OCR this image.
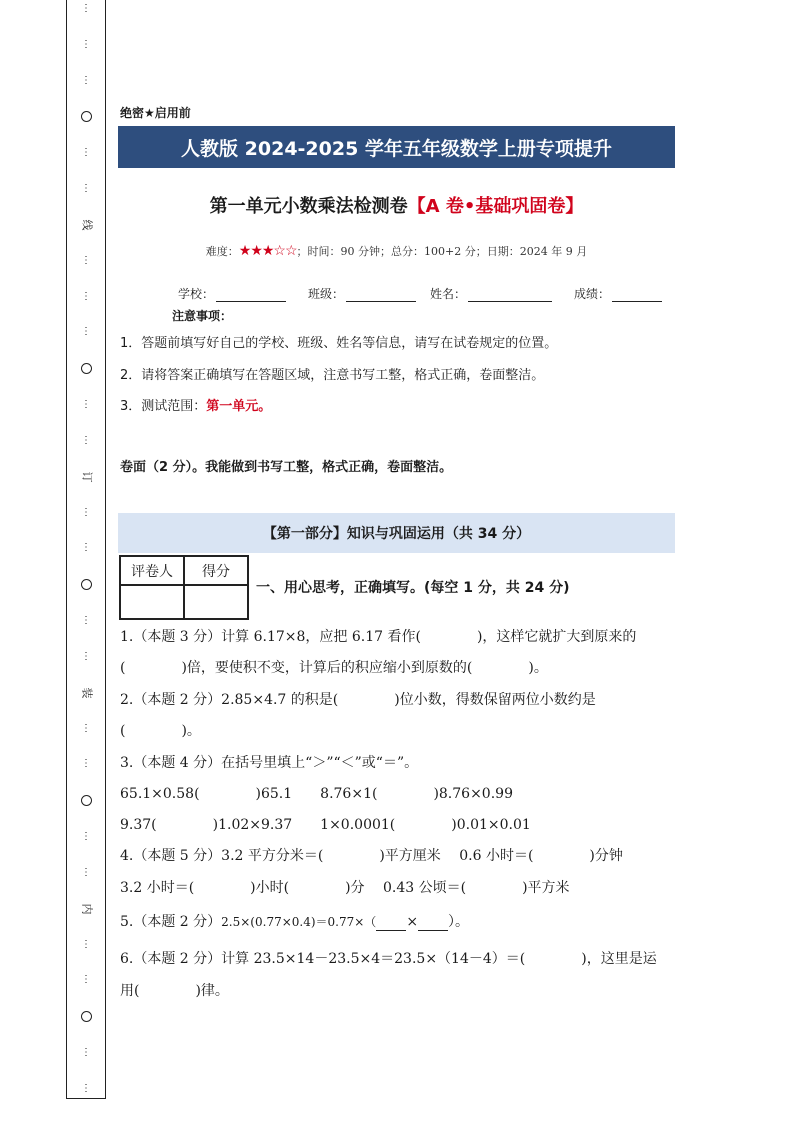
⋮
⋮
⋮
⋮
⋮
线
⋮
⋮
⋮
⋮
⋮
订
⋮
⋮
⋮
⋮
装
⋮
⋮
⋮
⋮
内
⋮
⋮
⋮
⋮
绝密★启用前
人教版 2024-2025 学年五年级数学上册专项提升
第一单元小数乘法检测卷【A 卷•基础巩固卷】
难度：★★★☆☆；时间：90 分钟；总分：100+2 分；日期：2024 年 9 月
学校：	班级：	姓名：	成绩：
注意事项：
1．答题前填写好自己的学校、班级、姓名等信息，请写在试卷规定的位置。
2．请将答案正确填写在答题区域，注意书写工整，格式正确，卷面整洁。
3．测试范围：第一单元。
卷面（2 分）。我能做到书写工整，格式正确，卷面整洁。
【第一部分】知识与巩固运用（共 34 分）
评卷人	得分

一、用心思考，正确填写。(每空 1 分，共 24 分)
1.（本题 3 分）计算 6.17×8，应把 6.17 看作(　　　　)，这样它就扩大到原来的
(　　　　)倍，要使积不变，计算后的积应缩小到原数的(　　　　)。
2.（本题 2 分）2.85×4.7 的积是(　　　　)位小数，得数保留两位小数约是
(　　　　)。
3.（本题 4 分）在括号里填上“＞”“＜”或“＝”。
65.1×0.58(　　　　)65.1　　8.76×1(　　　　)8.76×0.99
9.37(　　　　)1.02×9.37　　1×0.0001(　　　　)0.01×0.01
4.（本题 5 分）3.2 平方分米＝(　　　　)平方厘米　 0.6 小时＝(　　　　)分钟
3.2 小时＝(　　　　)小时(　　　　)分　 0.43 公顷＝(　　　　)平方米
5.（本题 2 分）2.5×(0.77×0.4)＝0.77×（ × ）。
6.（本题 2 分）计算 23.5×14－23.5×4＝23.5×（14－4）＝(　　　　)，这里是运
用(　　　　)律。
